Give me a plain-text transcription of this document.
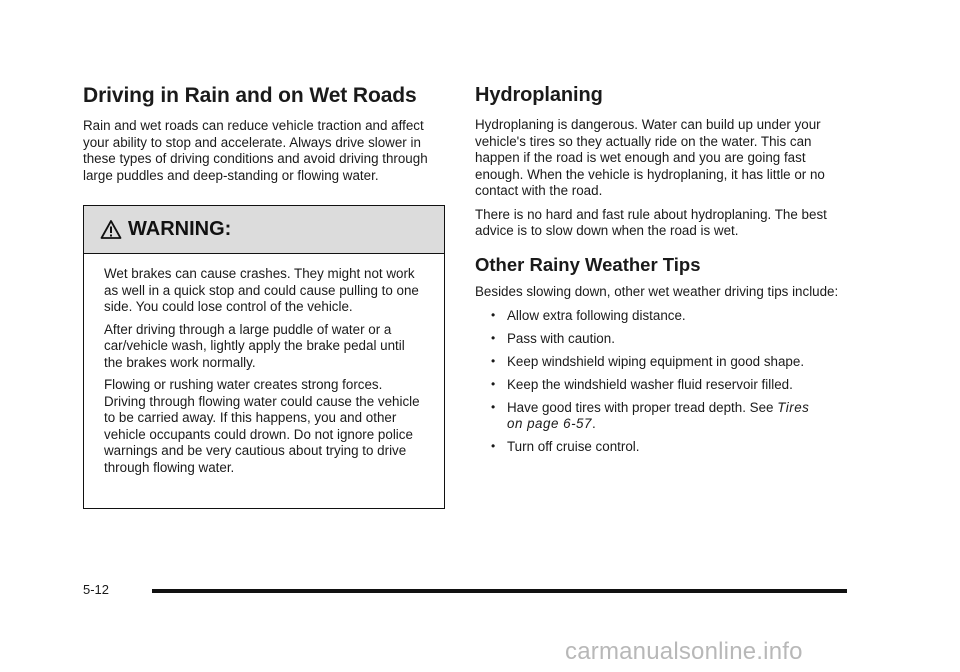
Driving in Rain and on Wet Roads

Rain and wet roads can reduce vehicle traction and affect your ability to stop and accelerate. Always drive slower in these types of driving conditions and avoid driving through large puddles and deep-standing or flowing water.

WARNING:

Wet brakes can cause crashes. They might not work as well in a quick stop and could cause pulling to one side. You could lose control of the vehicle.

After driving through a large puddle of water or a car/vehicle wash, lightly apply the brake pedal until the brakes work normally.

Flowing or rushing water creates strong forces. Driving through flowing water could cause the vehicle to be carried away. If this happens, you and other vehicle occupants could drown. Do not ignore police warnings and be very cautious about trying to drive through flowing water.

Hydroplaning

Hydroplaning is dangerous. Water can build up under your vehicle's tires so they actually ride on the water. This can happen if the road is wet enough and you are going fast enough. When the vehicle is hydroplaning, it has little or no contact with the road.

There is no hard and fast rule about hydroplaning. The best advice is to slow down when the road is wet.

Other Rainy Weather Tips

Besides slowing down, other wet weather driving tips include:

• Allow extra following distance.
• Pass with caution.
• Keep windshield wiping equipment in good shape.
• Keep the windshield washer fluid reservoir filled.
• Have good tires with proper tread depth. See Tires
on page 6-57.
• Turn off cruise control.
5-12
carmanualsonline.info
